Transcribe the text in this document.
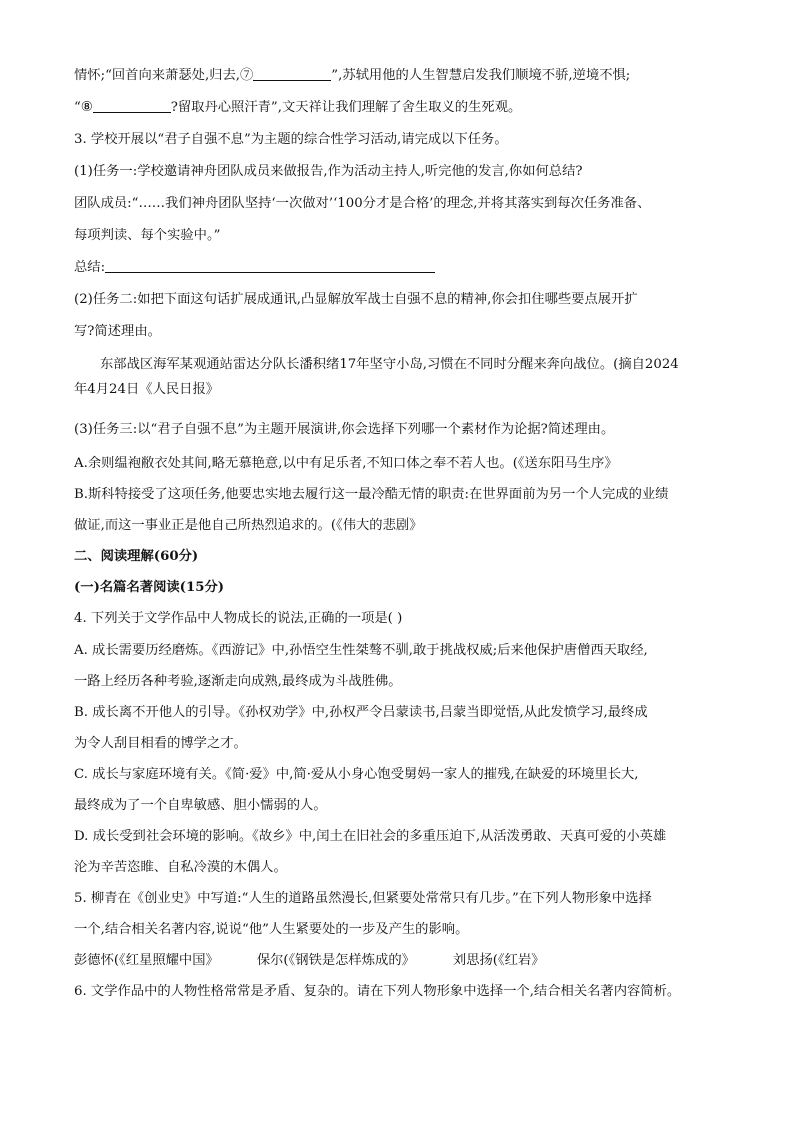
情怀;“回首向来萧瑟处,归去,⑦	”,苏轼用他的人生智慧启发我们顺境不骄,逆境不惧;

“⑧	?留取丹心照汗青”,文天祥让我们理解了舍生取义的生死观。

3. 学校开展以“君子自强不息”为主题的综合性学习活动,请完成以下任务。

(1)任务一:学校邀请神舟团队成员来做报告,作为活动主持人,听完他的发言,你如何总结?

团队成员:“……我们神舟团队坚持‘一次做对’‘100分才是合格’的理念,并将其落实到每次任务准备、

每项判读、每个实验中。”

总结:

(2)任务二:如把下面这句话扩展成通讯,凸显解放军战士自强不息的精神,你会扣住哪些要点展开扩

写?简述理由。

东部战区海军某观通站雷达分队长潘积绪17年坚守小岛,习惯在不同时分醒来奔向战位。(摘自2024

年4月24日《人民日报》

(3)任务三:以“君子自强不息”为主题开展演讲,你会选择下列哪一个素材作为论据?简述理由。

A.余则缊袍敝衣处其间,略无慕艳意,以中有足乐者,不知口体之奉不若人也。(《送东阳马生序》

B.斯科特接受了这项任务,他要忠实地去履行这一最冷酷无情的职责:在世界面前为另一个人完成的业绩

做证,而这一事业正是他自己所热烈追求的。(《伟大的悲剧》

二、阅读理解(60分)

(一)名篇名著阅读(15分)

4. 下列关于文学作品中人物成长的说法,正确的一项是( )

A. 成长需要历经磨炼。《西游记》中,孙悟空生性桀骜不驯,敢于挑战权威;后来他保护唐僧西天取经,

一路上经历各种考验,逐渐走向成熟,最终成为斗战胜佛。

B. 成长离不开他人的引导。《孙权劝学》中,孙权严令吕蒙读书,吕蒙当即觉悟,从此发愤学习,最终成

为令人刮目相看的博学之才。

C. 成长与家庭环境有关。《简·爱》中,简·爱从小身心饱受舅妈一家人的摧残,在缺爱的环境里长大,

最终成为了一个自卑敏感、胆小懦弱的人。

D. 成长受到社会环境的影响。《故乡》中,闰土在旧社会的多重压迫下,从活泼勇敢、天真可爱的小英雄

沦为辛苦恣睢、自私冷漠的木偶人。

5. 柳青在《创业史》中写道:“人生的道路虽然漫长,但紧要处常常只有几步。”在下列人物形象中选择

一个,结合相关名著内容,说说“他”人生紧要处的一步及产生的影响。

彭德怀(《红星照耀中国》	保尔(《钢铁是怎样炼成的》	刘思扬(《红岩》

6. 文学作品中的人物性格常常是矛盾、复杂的。请在下列人物形象中选择一个,结合相关名著内容简析。
